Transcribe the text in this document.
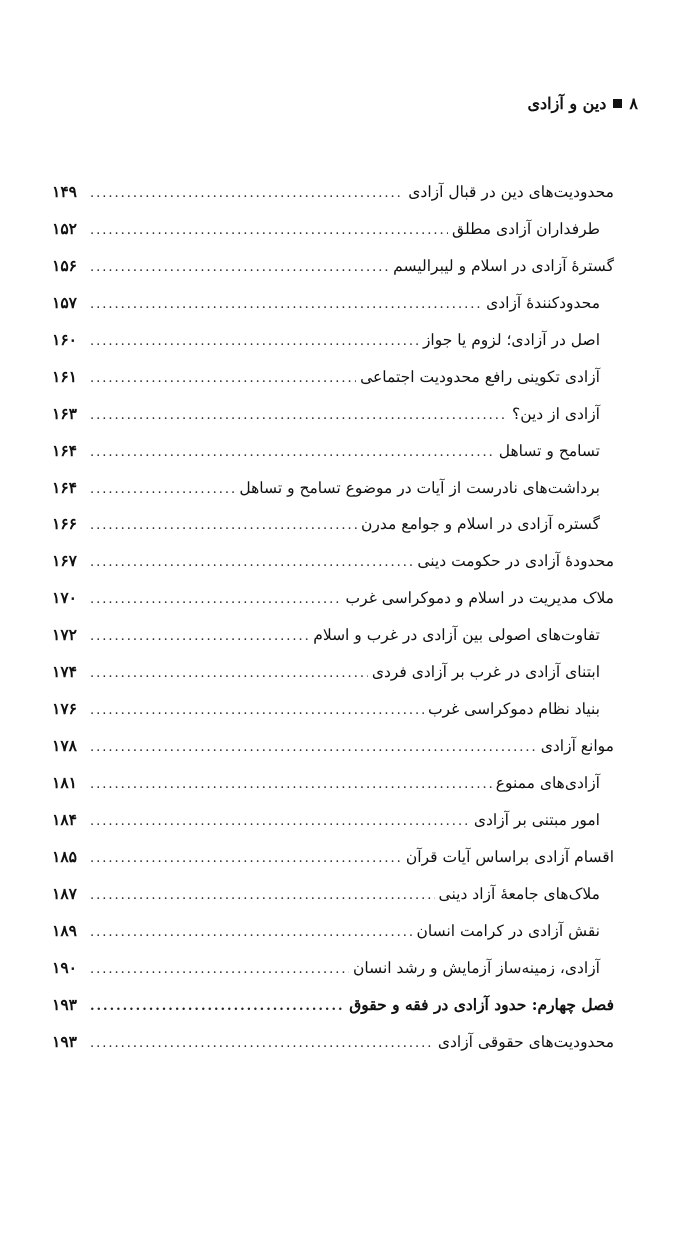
۸
دین و آزادی
محدودیت‌های دین در قبال آزادی
.....
۱۴۹
طرفداران آزادی مطلق
.....
۱۵۲
گسترۀ آزادی در اسلام و لیبرالیسم
.....
۱۵۶
محدودکنندۀ آزادی
.....
۱۵۷
اصل در آزادی؛ لزوم یا جواز
.....
۱۶۰
آزادی تکوینی رافع محدودیت اجتماعی
.....
۱۶۱
آزادی از دین؟
.....
۱۶۳
تسامح و تساهل
.....
۱۶۴
برداشت‌های نادرست از آیات در موضوع تسامح و تساهل
.....
۱۶۴
گستره آزادی در اسلام و جوامع مدرن
.....
۱۶۶
محدودۀ آزادی در حکومت دینی
.....
۱۶۷
ملاک مدیریت در اسلام و دموکراسی غرب
.....
۱۷۰
تفاوت‌های اصولی بین آزادی در غرب و اسلام
.....
۱۷۲
ابتنای آزادی در غرب بر آزادی فردی
.....
۱۷۴
بنیاد نظام دموکراسی غرب
.....
۱۷۶
موانع آزادی
.....
۱۷۸
آزادی‌های ممنوع
.....
۱۸۱
امور مبتنی بر آزادی
.....
۱۸۴
اقسام آزادی براساس آیات قرآن
.....
۱۸۵
ملاک‌های جامعۀ آزاد دینی
.....
۱۸۷
نقش آزادی در کرامت انسان
.....
۱۸۹
آزادی، زمینه‌ساز آزمایش و رشد انسان
.....
۱۹۰
فصل چهارم: حدود آزادی در فقه و حقوق
.....
۱۹۳
محدودیت‌های حقوقی آزادی
.....
۱۹۳
